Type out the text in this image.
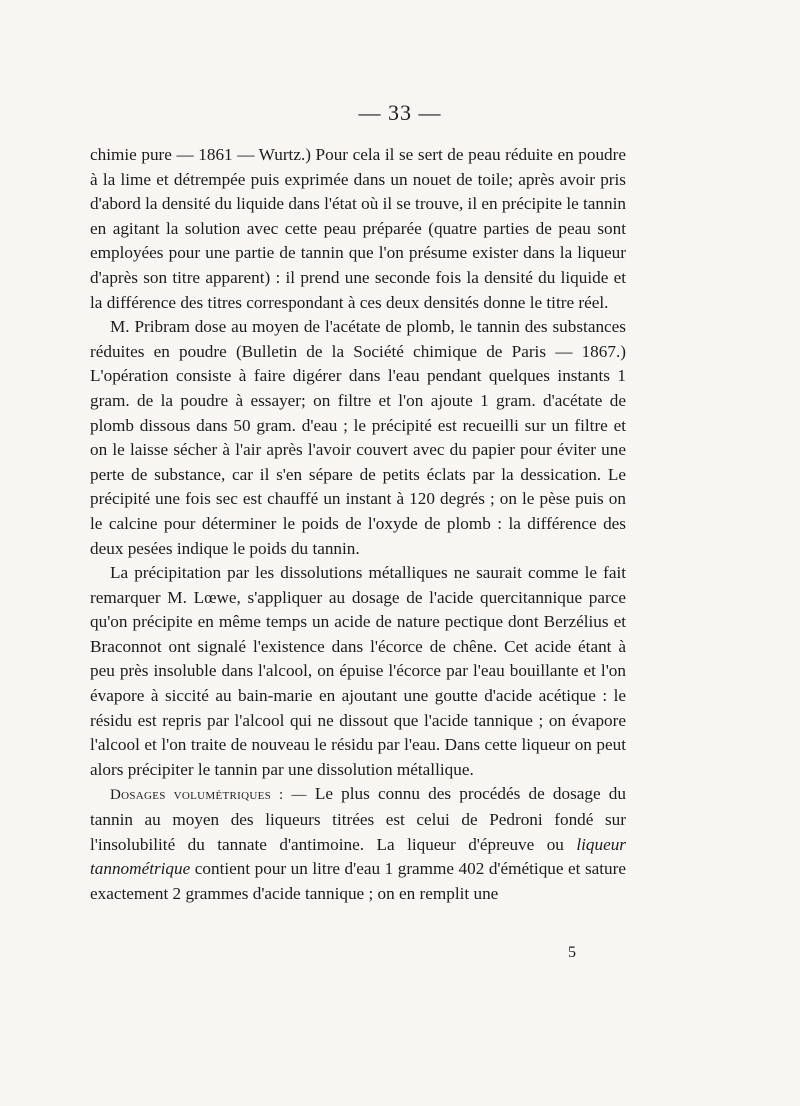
— 33 —

chimie pure — 1861 — Wurtz.) Pour cela il se sert de peau réduite en poudre à la lime et détrempée puis exprimée dans un nouet de toile; après avoir pris d'abord la densité du liquide dans l'état où il se trouve, il en précipite le tannin en agitant la solution avec cette peau préparée (quatre parties de peau sont employées pour une partie de tannin que l'on présume exister dans la liqueur d'après son titre apparent) : il prend une seconde fois la densité du liquide et la différence des titres correspondant à ces deux densités donne le titre réel.

M. Pribram dose au moyen de l'acétate de plomb, le tannin des substances réduites en poudre (Bulletin de la Société chimique de Paris — 1867.) L'opération consiste à faire digérer dans l'eau pendant quelques instants 1 gram. de la poudre à essayer; on filtre et l'on ajoute 1 gram. d'acétate de plomb dissous dans 50 gram. d'eau ; le précipité est recueilli sur un filtre et on le laisse sécher à l'air après l'avoir couvert avec du papier pour éviter une perte de substance, car il s'en sépare de petits éclats par la dessication. Le précipité une fois sec est chauffé un instant à 120 degrés ; on le pèse puis on le calcine pour déterminer le poids de l'oxyde de plomb : la différence des deux pesées indique le poids du tannin.

La précipitation par les dissolutions métalliques ne saurait comme le fait remarquer M. Lœwe, s'appliquer au dosage de l'acide quercitannique parce qu'on précipite en même temps un acide de nature pectique dont Berzélius et Braconnot ont signalé l'existence dans l'écorce de chêne. Cet acide étant à peu près insoluble dans l'alcool, on épuise l'écorce par l'eau bouillante et l'on évapore à siccité au bain-marie en ajoutant une goutte d'acide acétique : le résidu est repris par l'alcool qui ne dissout que l'acide tannique ; on évapore l'alcool et l'on traite de nouveau le résidu par l'eau. Dans cette liqueur on peut alors précipiter le tannin par une dissolution métallique.

Dosages volumétriques : — Le plus connu des procédés de dosage du tannin au moyen des liqueurs titrées est celui de Pedroni fondé sur l'insolubilité du tannate d'antimoine. La liqueur d'épreuve ou liqueur tannométrique contient pour un litre d'eau 1 gramme 402 d'émétique et sature exactement 2 grammes d'acide tannique ; on en remplit une

5
